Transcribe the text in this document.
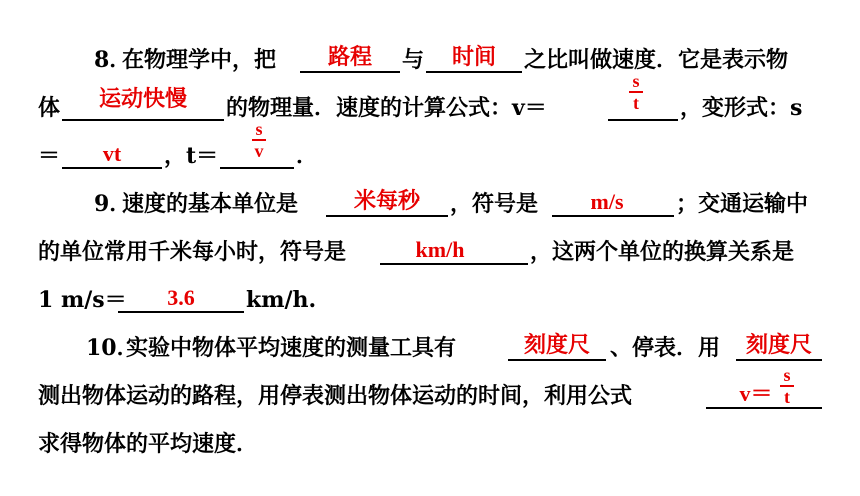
8．
在物理学中，把	路程	与	时间	之比叫做速度．它是表示物
体	运动快慢	的物理量．速度的计算公式：v＝	，变形式：s
s
t
＝	vt	，t＝	．
s
v
9．
速度的基本单位是	米每秒	，符号是	m/s	；交通运输中
的单位常用千米每小时，符号是	km/h	，这两个单位的换算关系是
1 m/s＝	3.6	km/h.
10．
实验中物体平均速度的测量工具有	刻度尺 、停表．用	刻度尺
测出物体运动的路程，用停表测出物体运动的时间，利用公式	v＝
s
t
求得物体的平均速度．
